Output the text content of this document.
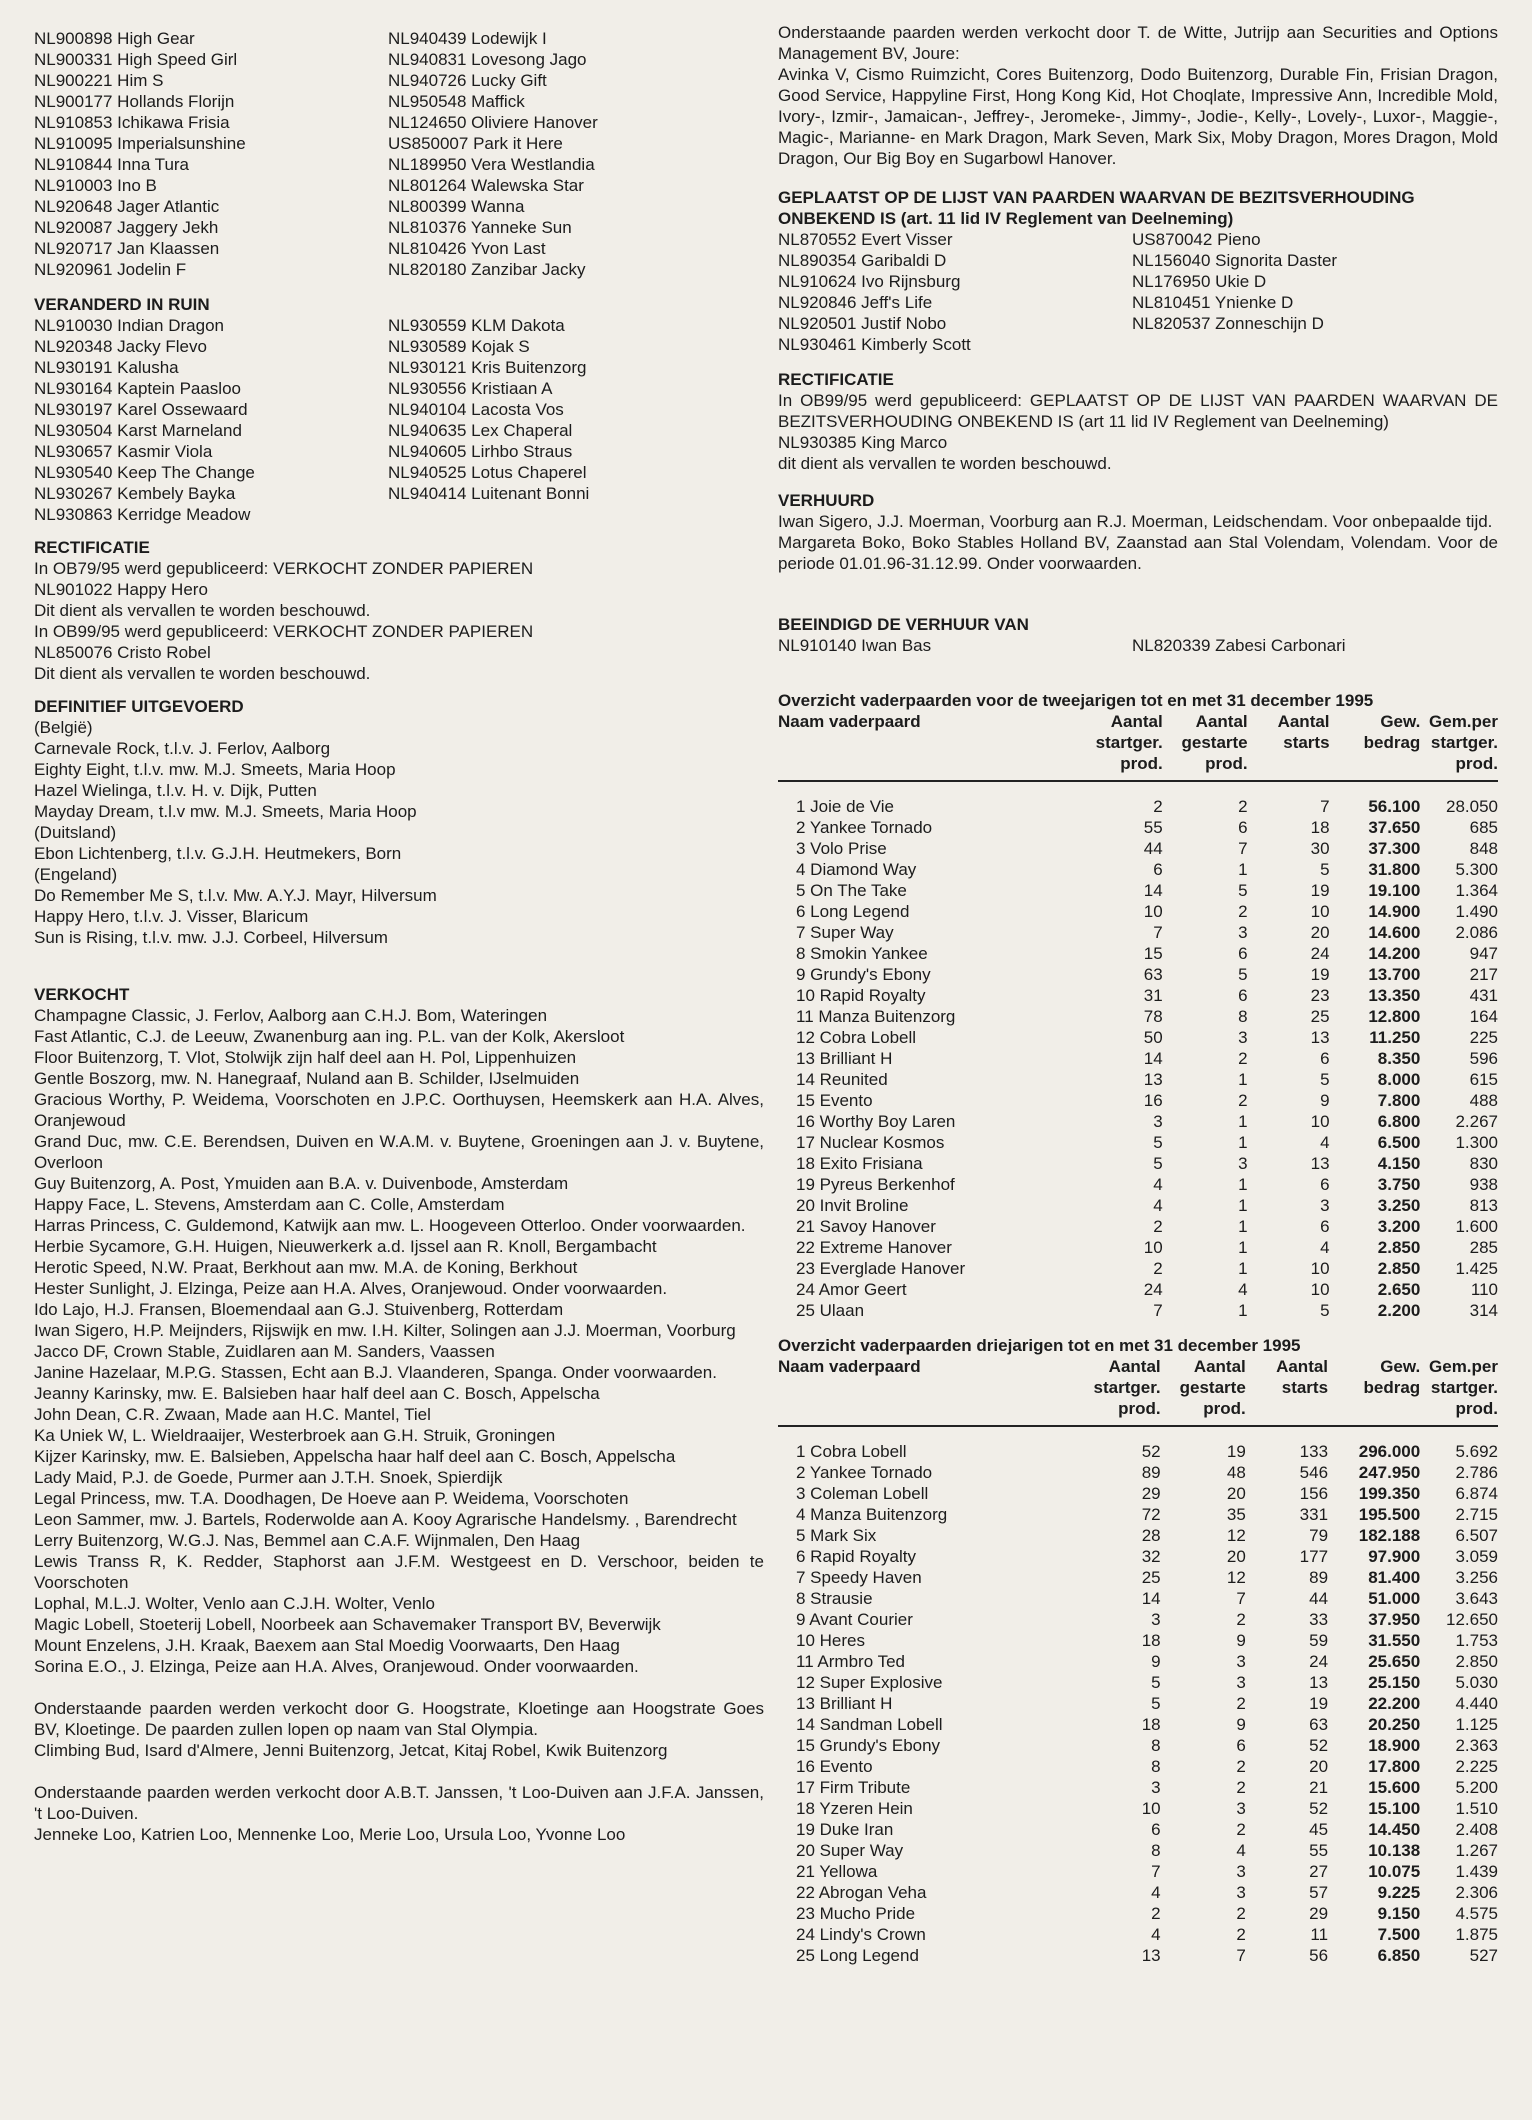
NL900898 High Gear
NL900331 High Speed Girl
NL900221 Him S
NL900177 Hollands Florijn
NL910853 Ichikawa Frisia
NL910095 Imperialsunshine
NL910844 Inna Tura
NL910003 Ino B
NL920648 Jager Atlantic
NL920087 Jaggery Jekh
NL920717 Jan Klaassen
NL920961 Jodelin F
NL940439 Lodewijk I
NL940831 Lovesong Jago
NL940726 Lucky Gift
NL950548 Maffick
NL124650 Oliviere Hanover
US850007 Park it Here
NL189950 Vera Westlandia
NL801264 Walewska Star
NL800399 Wanna
NL810376 Yanneke Sun
NL810426 Yvon Last
NL820180 Zanzibar Jacky
VERANDERD IN RUIN
NL910030 Indian Dragon
NL920348 Jacky Flevo
NL930191 Kalusha
NL930164 Kaptein Paasloo
NL930197 Karel Ossewaard
NL930504 Karst Marneland
NL930657 Kasmir Viola
NL930540 Keep The Change
NL930267 Kembely Bayka
NL930863 Kerridge Meadow
NL930559 KLM Dakota
NL930589 Kojak S
NL930121 Kris Buitenzorg
NL930556 Kristiaan A
NL940104 Lacosta Vos
NL940635 Lex Chaperal
NL940605 Lirhbo Straus
NL940525 Lotus Chaperel
NL940414 Luitenant Bonni
RECTIFICATIE
In OB79/95 werd gepubliceerd: VERKOCHT ZONDER PAPIEREN
NL901022 Happy Hero
Dit dient als vervallen te worden beschouwd.
In OB99/95 werd gepubliceerd: VERKOCHT ZONDER PAPIEREN
NL850076 Cristo Robel
Dit dient als vervallen te worden beschouwd.
DEFINITIEF UITGEVOERD
(België)
Carnevale Rock, t.l.v. J. Ferlov, Aalborg
Eighty Eight, t.l.v. mw. M.J. Smeets, Maria Hoop
Hazel Wielinga, t.l.v. H. v. Dijk, Putten
Mayday Dream, t.l.v mw. M.J. Smeets, Maria Hoop
(Duitsland)
Ebon Lichtenberg, t.l.v. G.J.H. Heutmekers, Born
(Engeland)
Do Remember Me S, t.l.v. Mw. A.Y.J. Mayr, Hilversum
Happy Hero, t.l.v. J. Visser, Blaricum
Sun is Rising, t.l.v. mw. J.J. Corbeel, Hilversum
VERKOCHT
Champagne Classic, J. Ferlov, Aalborg aan C.H.J. Bom, Wateringen
Fast Atlantic, C.J. de Leeuw, Zwanenburg aan ing. P.L. van der Kolk, Akersloot
Floor Buitenzorg, T. Vlot, Stolwijk zijn half deel aan H. Pol, Lippenhuizen
Gentle Boszorg, mw. N. Hanegraaf, Nuland aan B. Schilder, IJselmuiden
Gracious Worthy, P. Weidema, Voorschoten en J.P.C. Oorthuysen, Heemskerk aan H.A. Alves, Oranjewoud
Grand Duc, mw. C.E. Berendsen, Duiven en W.A.M. v. Buytene, Groeningen aan J. v. Buytene, Overloon
Guy Buitenzorg, A. Post, Ymuiden aan B.A. v. Duivenbode, Amsterdam
Happy Face, L. Stevens, Amsterdam aan C. Colle, Amsterdam
Harras Princess, C. Guldemond, Katwijk aan mw. L. Hoogeveen Otterloo. Onder voorwaarden.
Herbie Sycamore, G.H. Huigen, Nieuwerkerk a.d. Ijssel aan R. Knoll, Bergambacht
Herotic Speed, N.W. Praat, Berkhout aan mw. M.A. de Koning, Berkhout
Hester Sunlight, J. Elzinga, Peize aan H.A. Alves, Oranjewoud. Onder voorwaarden.
Ido Lajo, H.J. Fransen, Bloemendaal aan G.J. Stuivenberg, Rotterdam
Iwan Sigero, H.P. Meijnders, Rijswijk en mw. I.H. Kilter, Solingen aan J.J. Moerman, Voorburg
Jacco DF, Crown Stable, Zuidlaren aan M. Sanders, Vaassen
Janine Hazelaar, M.P.G. Stassen, Echt aan B.J. Vlaanderen, Spanga. Onder voorwaarden.
Jeanny Karinsky, mw. E. Balsieben haar half deel aan C. Bosch, Appelscha
John Dean, C.R. Zwaan, Made aan H.C. Mantel, Tiel
Ka Uniek W, L. Wieldraaijer, Westerbroek aan G.H. Struik, Groningen
Kijzer Karinsky, mw. E. Balsieben, Appelscha haar half deel aan C. Bosch, Appelscha
Lady Maid, P.J. de Goede, Purmer aan J.T.H. Snoek, Spierdijk
Legal Princess, mw. T.A. Doodhagen, De Hoeve aan P. Weidema, Voorschoten
Leon Sammer, mw. J. Bartels, Roderwolde aan A. Kooy Agrarische Handelsmy. , Barendrecht
Lerry Buitenzorg, W.G.J. Nas, Bemmel aan C.A.F. Wijnmalen, Den Haag
Lewis Transs R, K. Redder, Staphorst aan J.F.M. Westgeest en D. Verschoor, beiden te Voorschoten
Lophal, M.L.J. Wolter, Venlo aan C.J.H. Wolter, Venlo
Magic Lobell, Stoeterij Lobell, Noorbeek aan Schavemaker Transport BV, Beverwijk
Mount Enzelens, J.H. Kraak, Baexem aan Stal Moedig Voorwaarts, Den Haag
Sorina E.O., J. Elzinga, Peize aan H.A. Alves, Oranjewoud. Onder voorwaarden.

Onderstaande paarden werden verkocht door G. Hoogstrate, Kloetinge aan Hoogstrate Goes BV, Kloetinge. De paarden zullen lopen op naam van Stal Olympia.

Climbing Bud, Isard d'Almere, Jenni Buitenzorg, Jetcat, Kitaj Robel, Kwik Buitenzorg

Onderstaande paarden werden verkocht door A.B.T. Janssen, 't Loo-Duiven aan J.F.A. Janssen, 't Loo-Duiven.

Jenneke Loo, Katrien Loo, Mennenke Loo, Merie Loo, Ursula Loo, Yvonne Loo

Onderstaande paarden werden verkocht door T. de Witte, Jutrijp aan Securities and Options Management BV, Joure:

Avinka V, Cismo Ruimzicht, Cores Buitenzorg, Dodo Buitenzorg, Durable Fin, Frisian Dragon, Good Service, Happyline First, Hong Kong Kid, Hot Choqlate, Impressive Ann, Incredible Mold, Ivory-, Izmir-, Jamaican-, Jeffrey-, Jeromeke-, Jimmy-, Jodie-, Kelly-, Lovely-, Luxor-, Maggie-, Magic-, Marianne- en Mark Dragon, Mark Seven, Mark Six, Moby Dragon, Mores Dragon, Mold Dragon, Our Big Boy en Sugarbowl Hanover.

GEPLAATST OP DE LIJST VAN PAARDEN WAARVAN DE BEZITSVERHOUDING ONBEKEND IS (art. 11 lid IV Reglement van Deelneming)
NL870552 Evert Visser
NL890354 Garibaldi D
NL910624 Ivo Rijnsburg
NL920846 Jeff's Life
NL920501 Justif Nobo
NL930461 Kimberly Scott
US870042 Pieno
NL156040 Signorita Daster
NL176950 Ukie D
NL810451 Ynienke D
NL820537 Zonneschijn D
RECTIFICATIE

In OB99/95 werd gepubliceerd: GEPLAATST OP DE LIJST VAN PAARDEN WAARVAN DE BEZITSVERHOUDING ONBEKEND IS (art 11 lid IV Reglement van Deelneming)

NL930385 King Marco

dit dient als vervallen te worden beschouwd.

VERHUURD

Iwan Sigero, J.J. Moerman, Voorburg aan R.J. Moerman, Leidschendam. Voor onbepaalde tijd.

Margareta Boko, Boko Stables Holland BV, Zaanstad aan Stal Volendam, Volendam. Voor de periode 01.01.96-31.12.99. Onder voorwaarden.

BEEINDIGD DE VERHUUR VAN
NL910140 Iwan Bas	NL820339 Zabesi Carbonari
Overzicht vaderpaarden voor de tweejarigen tot en met 31 december 1995
Naam vaderpaard	Aantal startger. prod.	Aantal gestarte prod.	Aantal starts	Gew. bedrag	Gem.per startger. prod.

1 Joie de Vie	2	2	7	56.100	28.050
2 Yankee Tornado	55	6	18	37.650	685
3 Volo Prise	44	7	30	37.300	848
4 Diamond Way	6	1	5	31.800	5.300
5 On The Take	14	5	19	19.100	1.364
6 Long Legend	10	2	10	14.900	1.490
7 Super Way	7	3	20	14.600	2.086
8 Smokin Yankee	15	6	24	14.200	947
9 Grundy's Ebony	63	5	19	13.700	217
10 Rapid Royalty	31	6	23	13.350	431
11 Manza Buitenzorg	78	8	25	12.800	164
12 Cobra Lobell	50	3	13	11.250	225
13 Brilliant H	14	2	6	8.350	596
14 Reunited	13	1	5	8.000	615
15 Evento	16	2	9	7.800	488
16 Worthy Boy Laren	3	1	10	6.800	2.267
17 Nuclear Kosmos	5	1	4	6.500	1.300
18 Exito Frisiana	5	3	13	4.150	830
19 Pyreus Berkenhof	4	1	6	3.750	938
20 Invit Broline	4	1	3	3.250	813
21 Savoy Hanover	2	1	6	3.200	1.600
22 Extreme Hanover	10	1	4	2.850	285
23 Everglade Hanover	2	1	10	2.850	1.425
24 Amor Geert	24	4	10	2.650	110
25 Ulaan	7	1	5	2.200	314
Overzicht vaderpaarden driejarigen tot en met 31 december 1995
Naam vaderpaard	Aantal startger. prod.	Aantal gestarte prod.	Aantal starts	Gew. bedrag	Gem.per startger. prod.

1 Cobra Lobell	52	19	133	296.000	5.692
2 Yankee Tornado	89	48	546	247.950	2.786
3 Coleman Lobell	29	20	156	199.350	6.874
4 Manza Buitenzorg	72	35	331	195.500	2.715
5 Mark Six	28	12	79	182.188	6.507
6 Rapid Royalty	32	20	177	97.900	3.059
7 Speedy Haven	25	12	89	81.400	3.256
8 Strausie	14	7	44	51.000	3.643
9 Avant Courier	3	2	33	37.950	12.650
10 Heres	18	9	59	31.550	1.753
11 Armbro Ted	9	3	24	25.650	2.850
12 Super Explosive	5	3	13	25.150	5.030
13 Brilliant H	5	2	19	22.200	4.440
14 Sandman Lobell	18	9	63	20.250	1.125
15 Grundy's Ebony	8	6	52	18.900	2.363
16 Evento	8	2	20	17.800	2.225
17 Firm Tribute	3	2	21	15.600	5.200
18 Yzeren Hein	10	3	52	15.100	1.510
19 Duke Iran	6	2	45	14.450	2.408
20 Super Way	8	4	55	10.138	1.267
21 Yellowa	7	3	27	10.075	1.439
22 Abrogan Veha	4	3	57	9.225	2.306
23 Mucho Pride	2	2	29	9.150	4.575
24 Lindy's Crown	4	2	11	7.500	1.875
25 Long Legend	13	7	56	6.850	527
